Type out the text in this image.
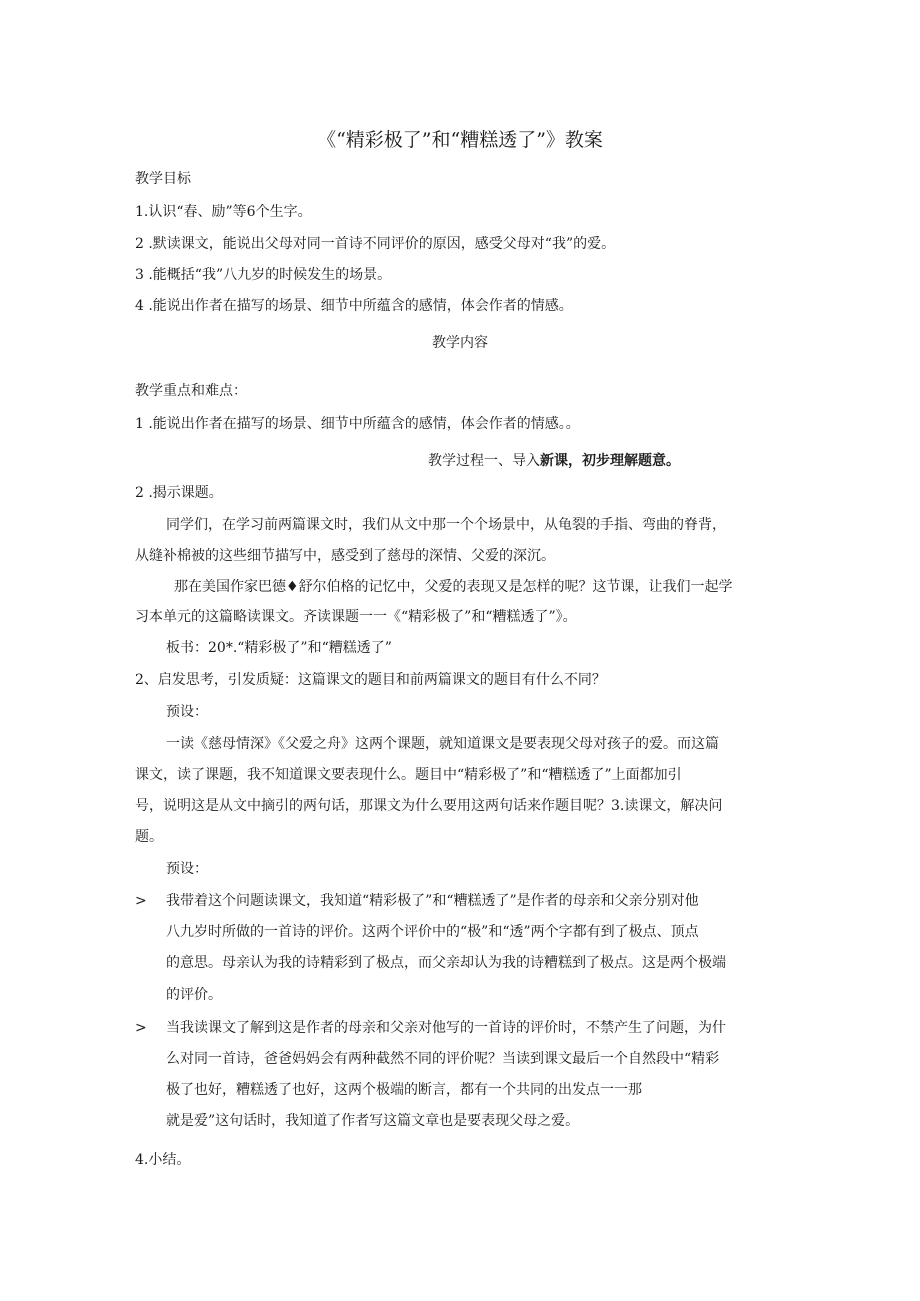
《“精彩极了”和“糟糕透了”》教案
教学目标
1.认识“春、励”等6个生字。
2 .默读课文，能说出父母对同一首诗不同评价的原因，感受父母对“我”的爱。
3 .能概括“我”八九岁的时候发生的场景。
4 .能说出作者在描写的场景、细节中所蕴含的感情，体会作者的情感。
教学内容
教学重点和难点：
1 .能说出作者在描写的场景、细节中所蕴含的感情，体会作者的情感。。
教学过程一、导入新课，初步理解题意。
2 .揭示课题。
同学们，在学习前两篇课文时，我们从文中那一个个场景中，从龟裂的手指、弯曲的脊背，
从缝补棉被的这些细节描写中，感受到了慈母的深情、父爱的深沉。
那在美国作家巴德♦舒尔伯格的记忆中，父爱的表现又是怎样的呢？这节课，让我们一起学
习本单元的这篇略读课文。齐读课题一一《“精彩极了”和“糟糕透了”》。
板书：20*.“精彩极了”和“糟糕透了”
2、启发思考，引发质疑：这篇课文的题目和前两篇课文的题目有什么不同？
预设：
一读《慈母情深》《父爱之舟》这两个课题，就知道课文是要表现父母对孩子的爱。而这篇
课文，读了课题，我不知道课文要表现什么。题目中“精彩极了”和“糟糕透了”上面都加引
号，说明这是从文中摘引的两句话，那课文为什么要用这两句话来作题目呢？3.读课文，解决问
题。
预设：
> 我带着这个问题读课文，我知道“精彩极了”和“糟糕透了”是作者的母亲和父亲分别对他
八九岁时所做的一首诗的评价。这两个评价中的“极”和“透”两个字都有到了极点、顶点
的意思。母亲认为我的诗精彩到了极点，而父亲却认为我的诗糟糕到了极点。这是两个极端
的评价。
> 当我读课文了解到这是作者的母亲和父亲对他写的一首诗的评价时，不禁产生了问题，为什
么对同一首诗，爸爸妈妈会有两种截然不同的评价呢？当读到课文最后一个自然段中“精彩
极了也好，糟糕透了也好，这两个极端的断言，都有一个共同的出发点一一那
就是爱”这句话时，我知道了作者写这篇文章也是要表现父母之爱。
4.小结。
